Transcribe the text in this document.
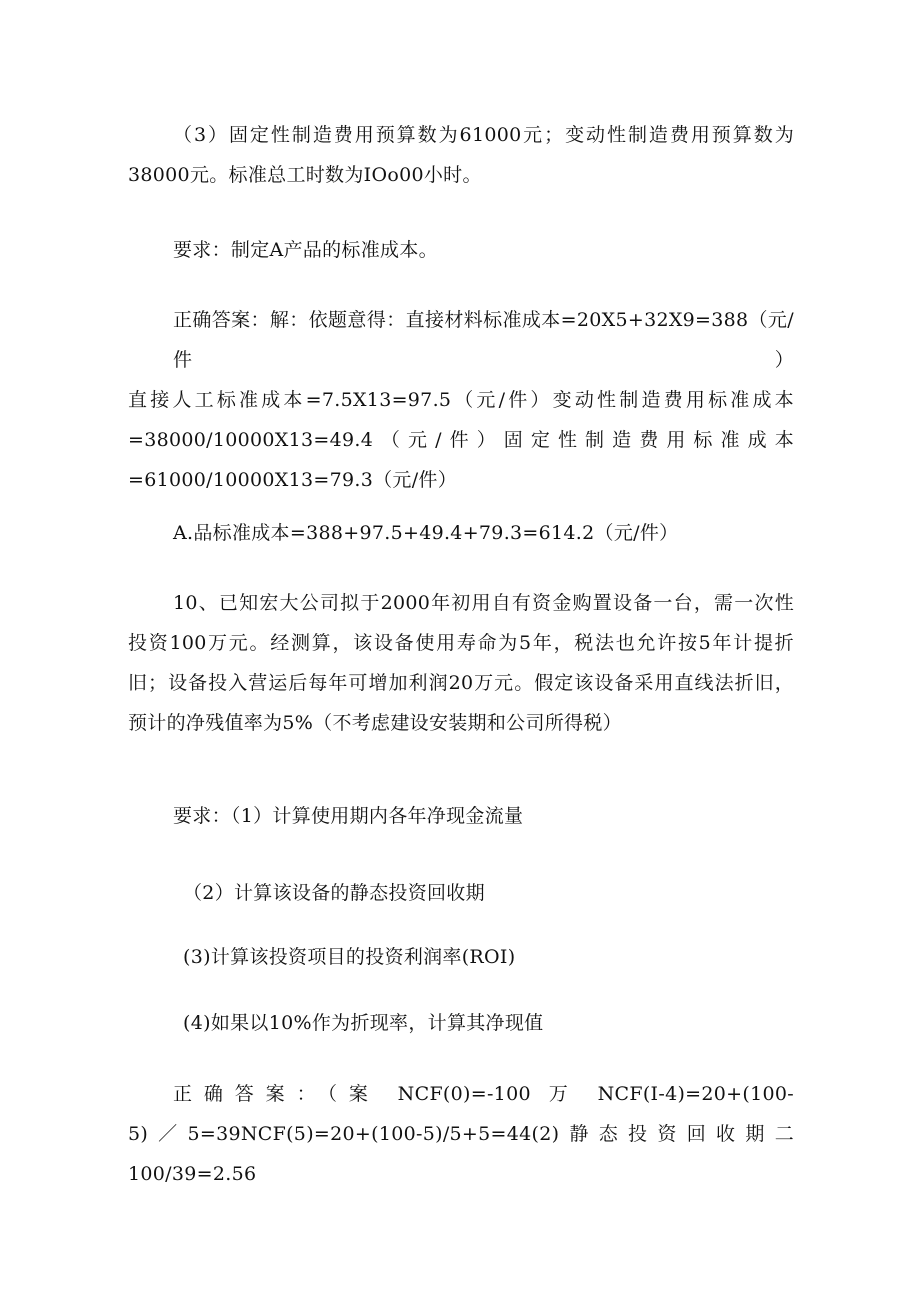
（3）固定性制造费用预算数为61000元；变动性制造费用预算数为
38000元。标准总工时数为IOo00小时。
要求：制定A产品的标准成本。
正确答案：解：依题意得：直接材料标准成本=20X5+32X9=388（元/件）
直接人工标准成本=7.5X13=97.5（元/件）变动性制造费用标准成本
=38000/10000X13=49.4（元/件）固定性制造费用标准成本
=61000/10000X13=79.3（元/件）
A.品标准成本=388+97.5+49.4+79.3=614.2（元/件）
10、已知宏大公司拟于2000年初用自有资金购置设备一台，需一次性
投资100万元。经测算，该设备使用寿命为5年，税法也允许按5年计提折
旧；设备投入营运后每年可增加利润20万元。假定该设备采用直线法折旧，
预计的净残值率为5%（不考虑建设安装期和公司所得税）
要求：（1）计算使用期内各年净现金流量
（2）计算该设备的静态投资回收期
(3)计算该投资项目的投资利润率(ROI)
(4)如果以10%作为折现率，计算其净现值
正确答案：（案 NCF(0)=-100 万 NCF(I-4)=20+(100-
5)／5=39NCF(5)=20+(100-5)/5+5=44(2)静态投资回收期二100/39=2.56
